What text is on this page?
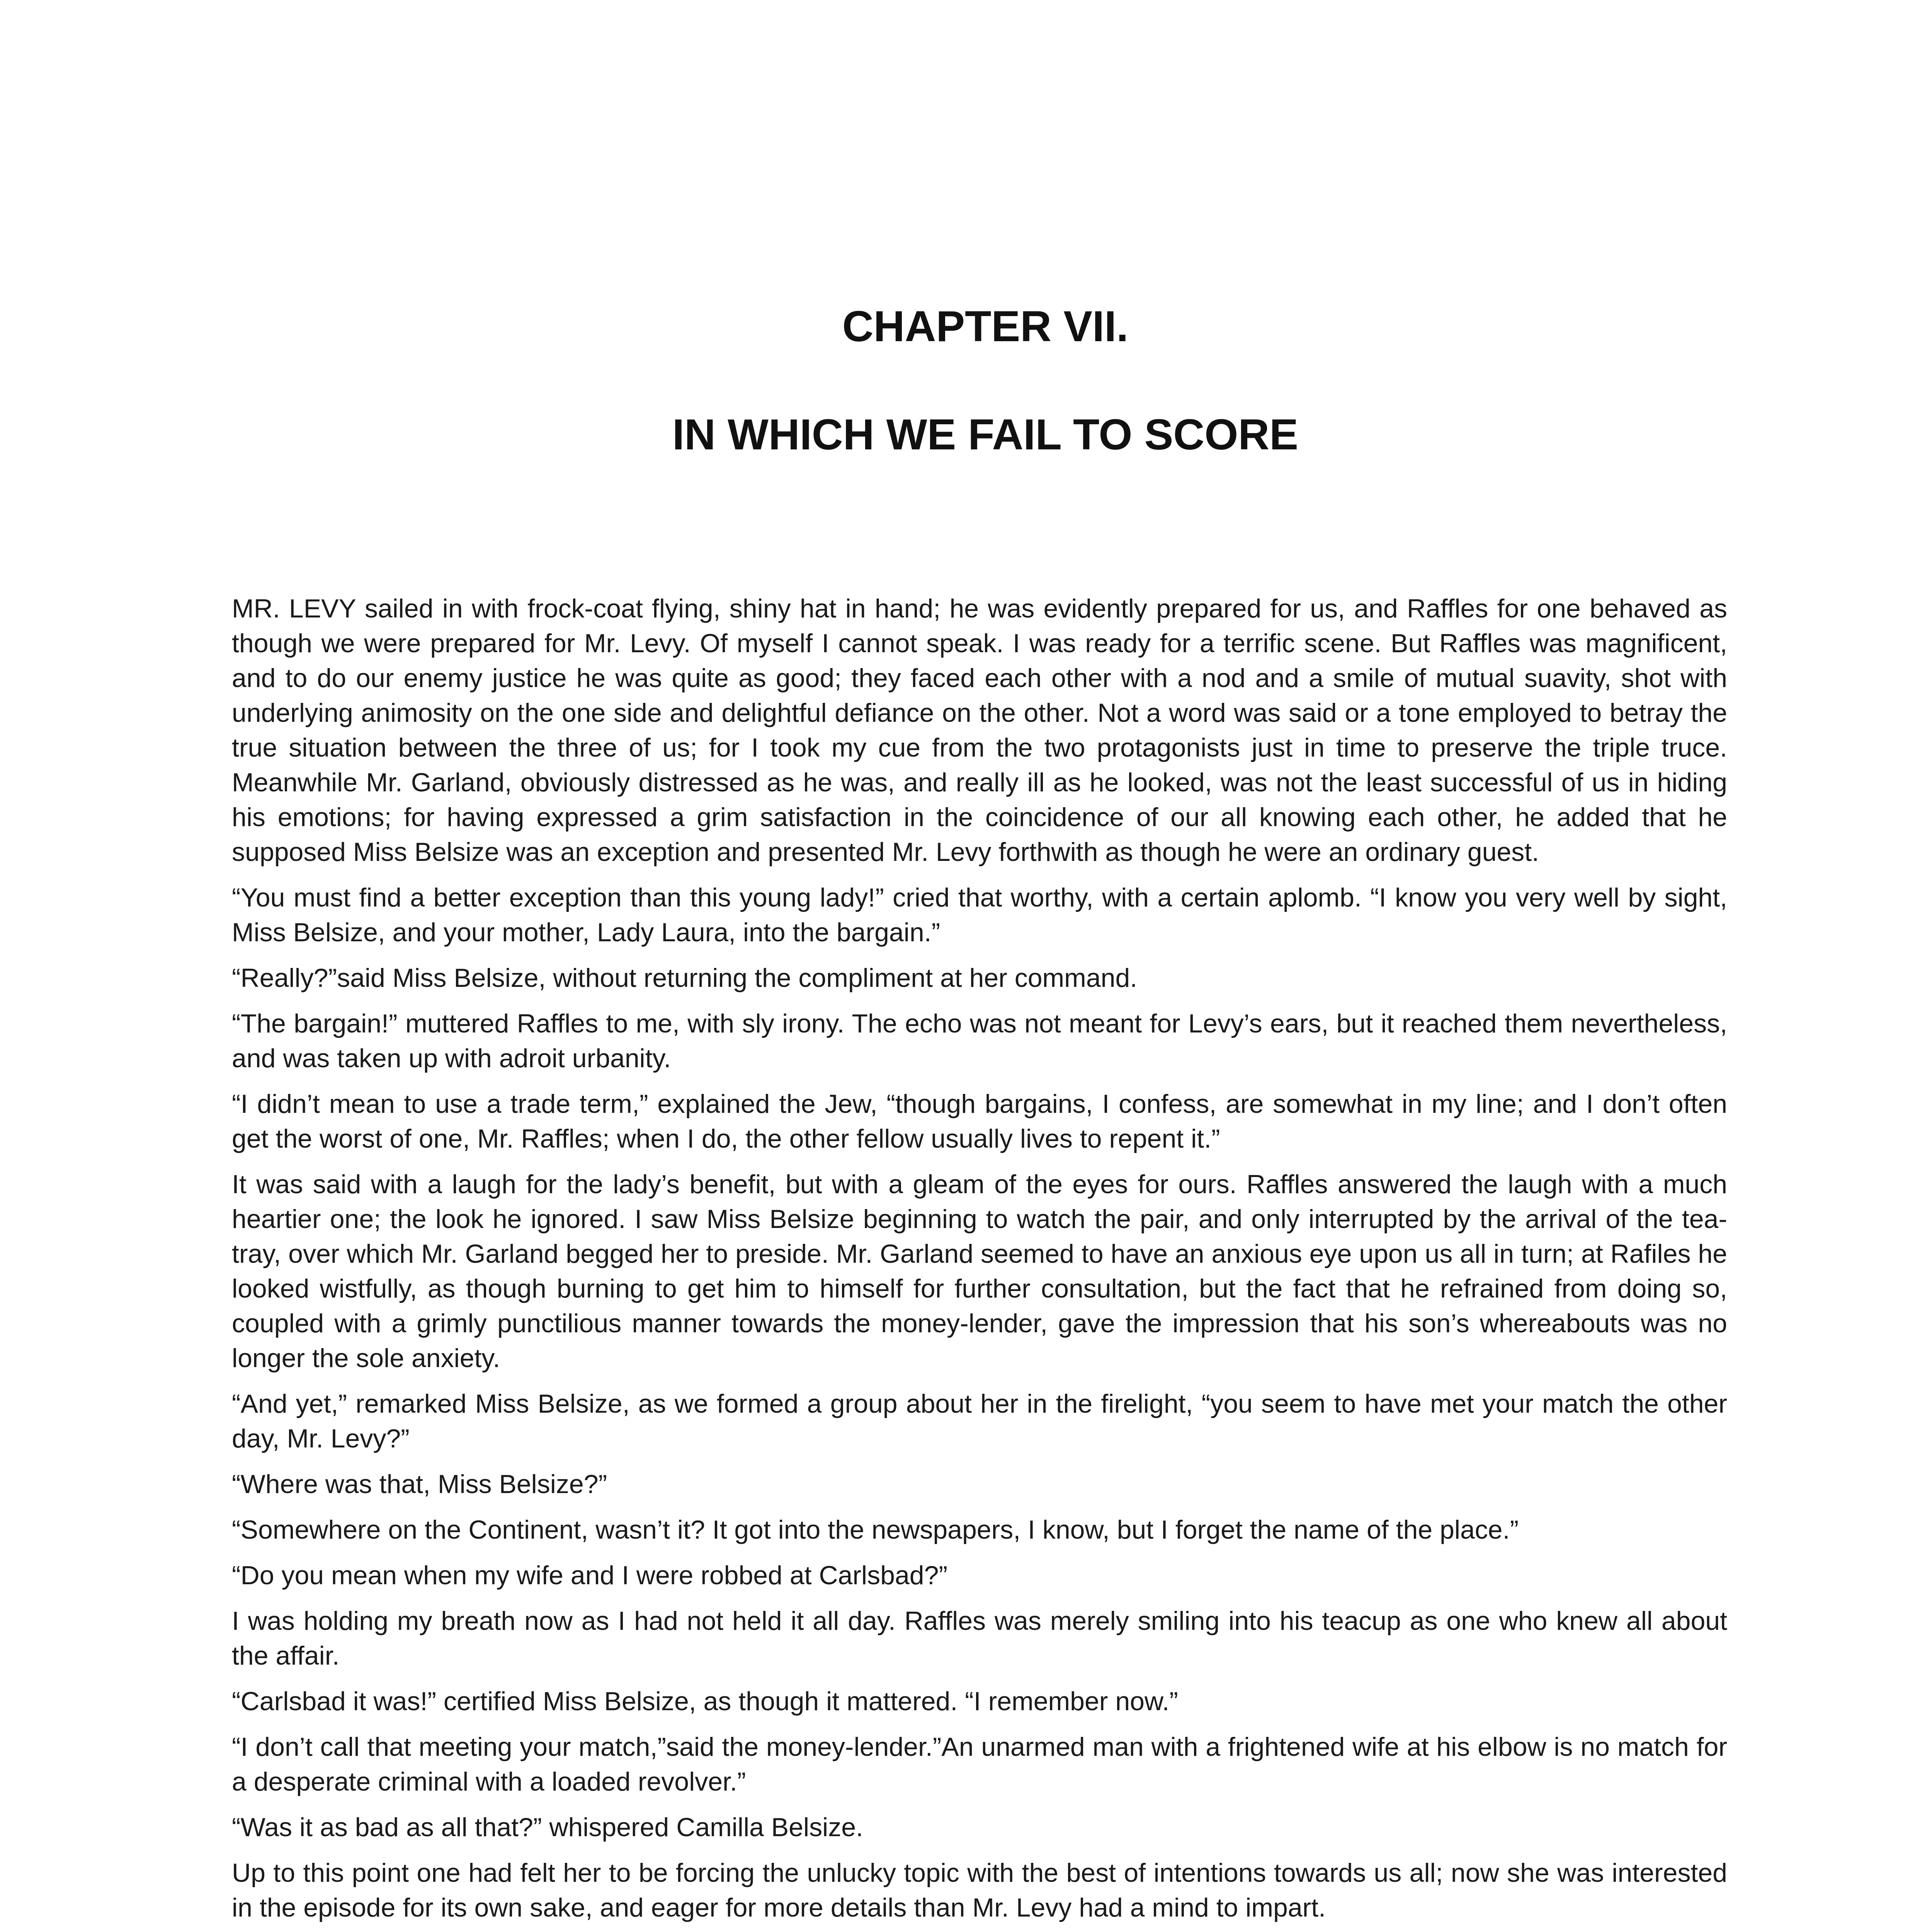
CHAPTER VII.
IN WHICH WE FAIL TO SCORE

MR. LEVY sailed in with frock-coat flying, shiny hat in hand; he was evidently prepared for us, and Raffles for one behaved as though we were prepared for Mr. Levy. Of myself I cannot speak. I was ready for a terrific scene. But Raffles was magnificent, and to do our enemy justice he was quite as good; they faced each other with a nod and a smile of mutual suavity, shot with underlying animosity on the one side and delightful defiance on the other. Not a word was said or a tone employed to betray the true situation between the three of us; for I took my cue from the two protagonists just in time to preserve the triple truce. Meanwhile Mr. Garland, obviously distressed as he was, and really ill as he looked, was not the least successful of us in hiding his emotions; for having expressed a grim satisfaction in the coincidence of our all knowing each other, he added that he supposed Miss Belsize was an exception and presented Mr. Levy forthwith as though he were an ordinary guest.

“You must find a better exception than this young lady!” cried that worthy, with a certain aplomb. “I know you very well by sight, Miss Belsize, and your mother, Lady Laura, into the bargain.”

“Really?”said Miss Belsize, without returning the compliment at her command.

“The bargain!” muttered Raffles to me, with sly irony. The echo was not meant for Levy’s ears, but it reached them nevertheless, and was taken up with adroit urbanity.

“I didn’t mean to use a trade term,” explained the Jew, “though bargains, I confess, are somewhat in my line; and I don’t often get the worst of one, Mr. Raffles; when I do, the other fellow usually lives to repent it.”

It was said with a laugh for the lady’s benefit, but with a gleam of the eyes for ours. Raffles answered the laugh with a much heartier one; the look he ignored. I saw Miss Belsize beginning to watch the pair, and only interrupted by the arrival of the tea-tray, over which Mr. Garland begged her to preside. Mr. Garland seemed to have an anxious eye upon us all in turn; at Rafiles he looked wistfully, as though burning to get him to himself for further consultation, but the fact that he refrained from doing so, coupled with a grimly punctilious manner towards the money-lender, gave the impression that his son’s whereabouts was no longer the sole anxiety.

“And yet,” remarked Miss Belsize, as we formed a group about her in the firelight, “you seem to have met your match the other day, Mr. Levy?”

“Where was that, Miss Belsize?”

“Somewhere on the Continent, wasn’t it? It got into the newspapers, I know, but I forget the name of the place.”

“Do you mean when my wife and I were robbed at Carlsbad?”

I was holding my breath now as I had not held it all day. Raffles was merely smiling into his teacup as one who knew all about the affair.

“Carlsbad it was!” certified Miss Belsize, as though it mattered. “I remember now.”

“I don’t call that meeting your match,”said the money-lender.”An unarmed man with a frightened wife at his elbow is no match for a desperate criminal with a loaded revolver.”

“Was it as bad as all that?” whispered Camilla Belsize.

Up to this point one had felt her to be forcing the unlucky topic with the best of intentions towards us all; now she was interested in the episode for its own sake, and eager for more details than Mr. Levy had a mind to impart.
